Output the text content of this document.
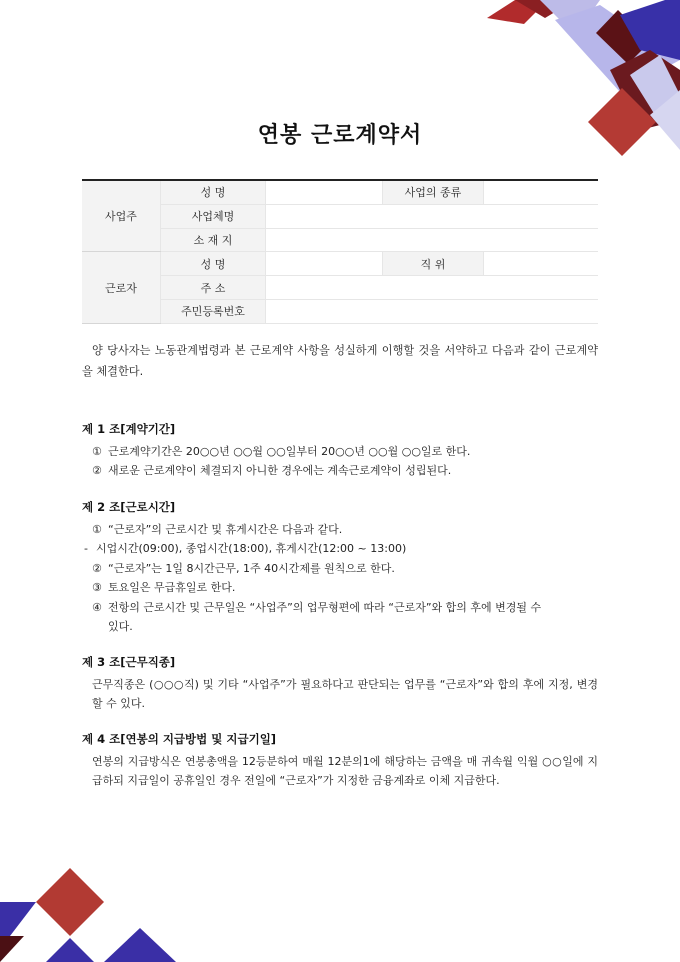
연봉 근로계약서
사업주	성 명		사업의 종류	
	사업체명			
	소 재 지			
근로자	성 명		직 위	
	주 소			
	주민등록번호			
양 당사자는 노동관계법령과 본 근로계약 사항을 성실하게 이행할 것을 서약하고 다음과 같이 근로계약을 체결한다.
제 1 조[계약기간]
① 근로계약기간은 20○○년 ○○월 ○○일부터 20○○년 ○○월 ○○일로 한다.
② 새로운 근로계약이 체결되지 아니한 경우에는 계속근로계약이 성립된다.
제 2 조[근로시간]
① “근로자”의 근로시간 및 휴게시간은 다음과 같다.
- 시업시간(09:00), 종업시간(18:00), 휴게시간(12:00 ~ 13:00)
② “근로자”는 1일 8시간근무, 1주 40시간제를 원칙으로 한다.
③ 토요일은 무급휴일로 한다.
④ 전항의 근로시간 및 근무일은 “사업주”의 업무형편에 따라 “근로자”와 합의 후에 변경될 수
있다.
제 3 조[근무직종]
근무직종은 (○○○직) 및 기타 “사업주”가 필요하다고 판단되는 업무를 “근로자”와 합의 후에 지정, 변경할 수 있다.
제 4 조[연봉의 지급방법 및 지급기일]
연봉의 지급방식은 연봉총액을 12등분하여 매월 12분의1에 해당하는 금액을 매 귀속월 익월 ○○일에 지급하되 지급일이 공휴일인 경우 전일에 “근로자”가 지정한 금융계좌로 이체 지급한다.
